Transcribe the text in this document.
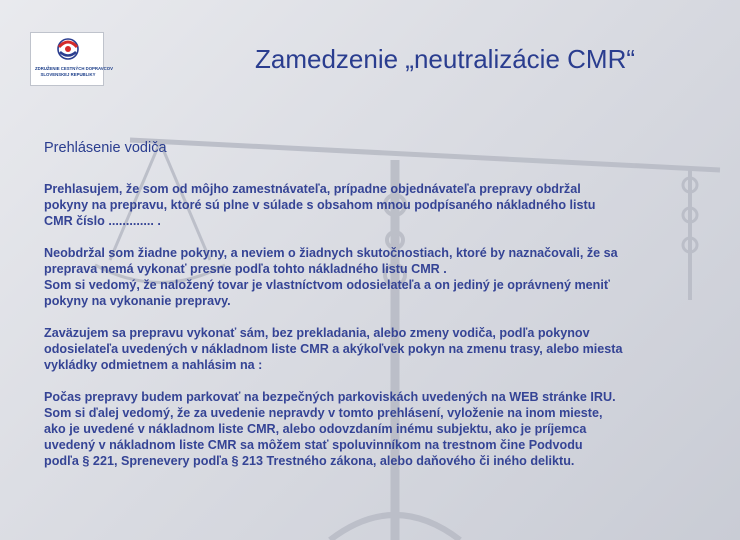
ZDRUŽENIE CESTNÝCH DOPRAVCOV
SLOVENSKEJ REPUBLIKY
Zamedzenie „neutralizácie CMR“
Prehlásenie vodiča

Prehlasujem, že som od môjho zamestnávateľa, prípadne objednávateľa prepravy obdržal
pokyny na prepravu, ktoré sú plne v súlade s obsahom mnou podpísaného nákladného listu
CMR číslo ............. .

Neobdržal som žiadne pokyny, a neviem o žiadnych skutočnostiach, ktoré by naznačovali, že sa
preprava nemá vykonať presne podľa tohto nákladného listu CMR .
Som si vedomý, že naložený tovar je vlastníctvom odosielateľa a on jediný je oprávnený meniť
pokyny na vykonanie prepravy.

Zaväzujem sa prepravu vykonať sám, bez prekladania, alebo zmeny vodiča, podľa pokynov
odosielateľa uvedených v nákladnom liste CMR a akýkoľvek pokyn na zmenu trasy, alebo miesta
vykládky odmietnem a nahlásim na :

Počas prepravy budem parkovať na bezpečných parkoviskách uvedených na WEB stránke IRU.
Som si ďalej vedomý, že za uvedenie nepravdy v tomto prehlásení, vyloženie na inom mieste,
ako je uvedené v nákladnom liste CMR, alebo odovzdaním inému subjektu, ako je príjemca
uvedený v nákladnom liste CMR sa môžem stať spoluvinníkom na trestnom čine Podvodu
podľa § 221, Sprenevery podľa § 213 Trestného zákona, alebo daňového či iného deliktu.
